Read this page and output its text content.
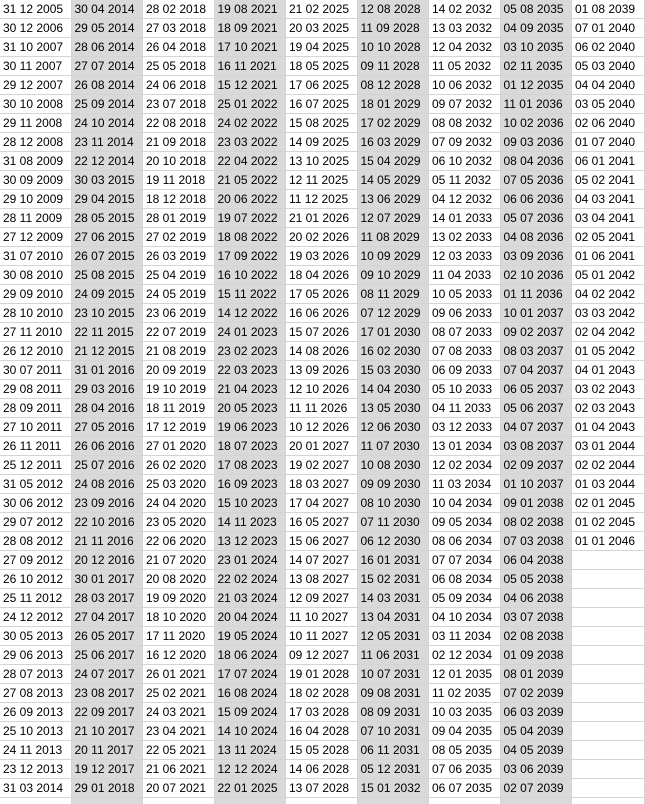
31 12 2005
30 12 2006
31 10 2007
30 11 2007
29 12 2007
30 10 2008
29 11 2008
28 12 2008
31 08 2009
30 09 2009
29 10 2009
28 11 2009
27 12 2009
31 07 2010
30 08 2010
29 09 2010
28 10 2010
27 11 2010
26 12 2010
30 07 2011
29 08 2011
28 09 2011
27 10 2011
26 11 2011
25 12 2011
31 05 2012
30 06 2012
29 07 2012
28 08 2012
27 09 2012
26 10 2012
25 11 2012
24 12 2012
30 05 2013
29 06 2013
28 07 2013
27 08 2013
26 09 2013
25 10 2013
24 11 2013
23 12 2013
31 03 2014
30 04 2014
29 05 2014
28 06 2014
27 07 2014
26 08 2014
25 09 2014
24 10 2014
23 11 2014
22 12 2014
30 03 2015
29 04 2015
28 05 2015
27 06 2015
26 07 2015
25 08 2015
24 09 2015
23 10 2015
22 11 2015
21 12 2015
31 01 2016
29 03 2016
28 04 2016
27 05 2016
26 06 2016
25 07 2016
24 08 2016
23 09 2016
22 10 2016
21 11 2016
20 12 2016
30 01 2017
28 03 2017
27 04 2017
26 05 2017
25 06 2017
24 07 2017
23 08 2017
22 09 2017
21 10 2017
20 11 2017
19 12 2017
29 01 2018
28 02 2018
27 03 2018
26 04 2018
25 05 2018
24 06 2018
23 07 2018
22 08 2018
21 09 2018
20 10 2018
19 11 2018
18 12 2018
28 01 2019
27 02 2019
26 03 2019
25 04 2019
24 05 2019
23 06 2019
22 07 2019
21 08 2019
20 09 2019
19 10 2019
18 11 2019
17 12 2019
27 01 2020
26 02 2020
25 03 2020
24 04 2020
23 05 2020
22 06 2020
21 07 2020
20 08 2020
19 09 2020
18 10 2020
17 11 2020
16 12 2020
26 01 2021
25 02 2021
24 03 2021
23 04 2021
22 05 2021
21 06 2021
20 07 2021
19 08 2021
18 09 2021
17 10 2021
16 11 2021
15 12 2021
25 01 2022
24 02 2022
23 03 2022
22 04 2022
21 05 2022
20 06 2022
19 07 2022
18 08 2022
17 09 2022
16 10 2022
15 11 2022
14 12 2022
24 01 2023
23 02 2023
22 03 2023
21 04 2023
20 05 2023
19 06 2023
18 07 2023
17 08 2023
16 09 2023
15 10 2023
14 11 2023
13 12 2023
23 01 2024
22 02 2024
21 03 2024
20 04 2024
19 05 2024
18 06 2024
17 07 2024
16 08 2024
15 09 2024
14 10 2024
13 11 2024
12 12 2024
22 01 2025
21 02 2025
20 03 2025
19 04 2025
18 05 2025
17 06 2025
16 07 2025
15 08 2025
14 09 2025
13 10 2025
12 11 2025
11 12 2025
21 01 2026
20 02 2026
19 03 2026
18 04 2026
17 05 2026
16 06 2026
15 07 2026
14 08 2026
13 09 2026
12 10 2026
11 11 2026
10 12 2026
20 01 2027
19 02 2027
18 03 2027
17 04 2027
16 05 2027
15 06 2027
14 07 2027
13 08 2027
12 09 2027
11 10 2027
10 11 2027
09 12 2027
19 01 2028
18 02 2028
17 03 2028
16 04 2028
15 05 2028
14 06 2028
13 07 2028
12 08 2028
11 09 2028
10 10 2028
09 11 2028
08 12 2028
18 01 2029
17 02 2029
16 03 2029
15 04 2029
14 05 2029
13 06 2029
12 07 2029
11 08 2029
10 09 2029
09 10 2029
08 11 2029
07 12 2029
17 01 2030
16 02 2030
15 03 2030
14 04 2030
13 05 2030
12 06 2030
11 07 2030
10 08 2030
09 09 2030
08 10 2030
07 11 2030
06 12 2030
16 01 2031
15 02 2031
14 03 2031
13 04 2031
12 05 2031
11 06 2031
10 07 2031
09 08 2031
08 09 2031
07 10 2031
06 11 2031
05 12 2031
15 01 2032
14 02 2032
13 03 2032
12 04 2032
11 05 2032
10 06 2032
09 07 2032
08 08 2032
07 09 2032
06 10 2032
05 11 2032
04 12 2032
14 01 2033
13 02 2033
12 03 2033
11 04 2033
10 05 2033
09 06 2033
08 07 2033
07 08 2033
06 09 2033
05 10 2033
04 11 2033
03 12 2033
13 01 2034
12 02 2034
11 03 2034
10 04 2034
09 05 2034
08 06 2034
07 07 2034
06 08 2034
05 09 2034
04 10 2034
03 11 2034
02 12 2034
12 01 2035
11 02 2035
10 03 2035
09 04 2035
08 05 2035
07 06 2035
06 07 2035
05 08 2035
04 09 2035
03 10 2035
02 11 2035
01 12 2035
11 01 2036
10 02 2036
09 03 2036
08 04 2036
07 05 2036
06 06 2036
05 07 2036
04 08 2036
03 09 2036
02 10 2036
01 11 2036
10 01 2037
09 02 2037
08 03 2037
07 04 2037
06 05 2037
05 06 2037
04 07 2037
03 08 2037
02 09 2037
01 10 2037
09 01 2038
08 02 2038
07 03 2038
06 04 2038
05 05 2038
04 06 2038
03 07 2038
02 08 2038
01 09 2038
08 01 2039
07 02 2039
06 03 2039
05 04 2039
04 05 2039
03 06 2039
02 07 2039
01 08 2039
07 01 2040
06 02 2040
05 03 2040
04 04 2040
03 05 2040
02 06 2040
01 07 2040
06 01 2041
05 02 2041
04 03 2041
03 04 2041
02 05 2041
01 06 2041
05 01 2042
04 02 2042
03 03 2042
02 04 2042
01 05 2042
04 01 2043
03 02 2043
02 03 2043
01 04 2043
03 01 2044
02 02 2044
01 03 2044
02 01 2045
01 02 2045
01 01 2046
